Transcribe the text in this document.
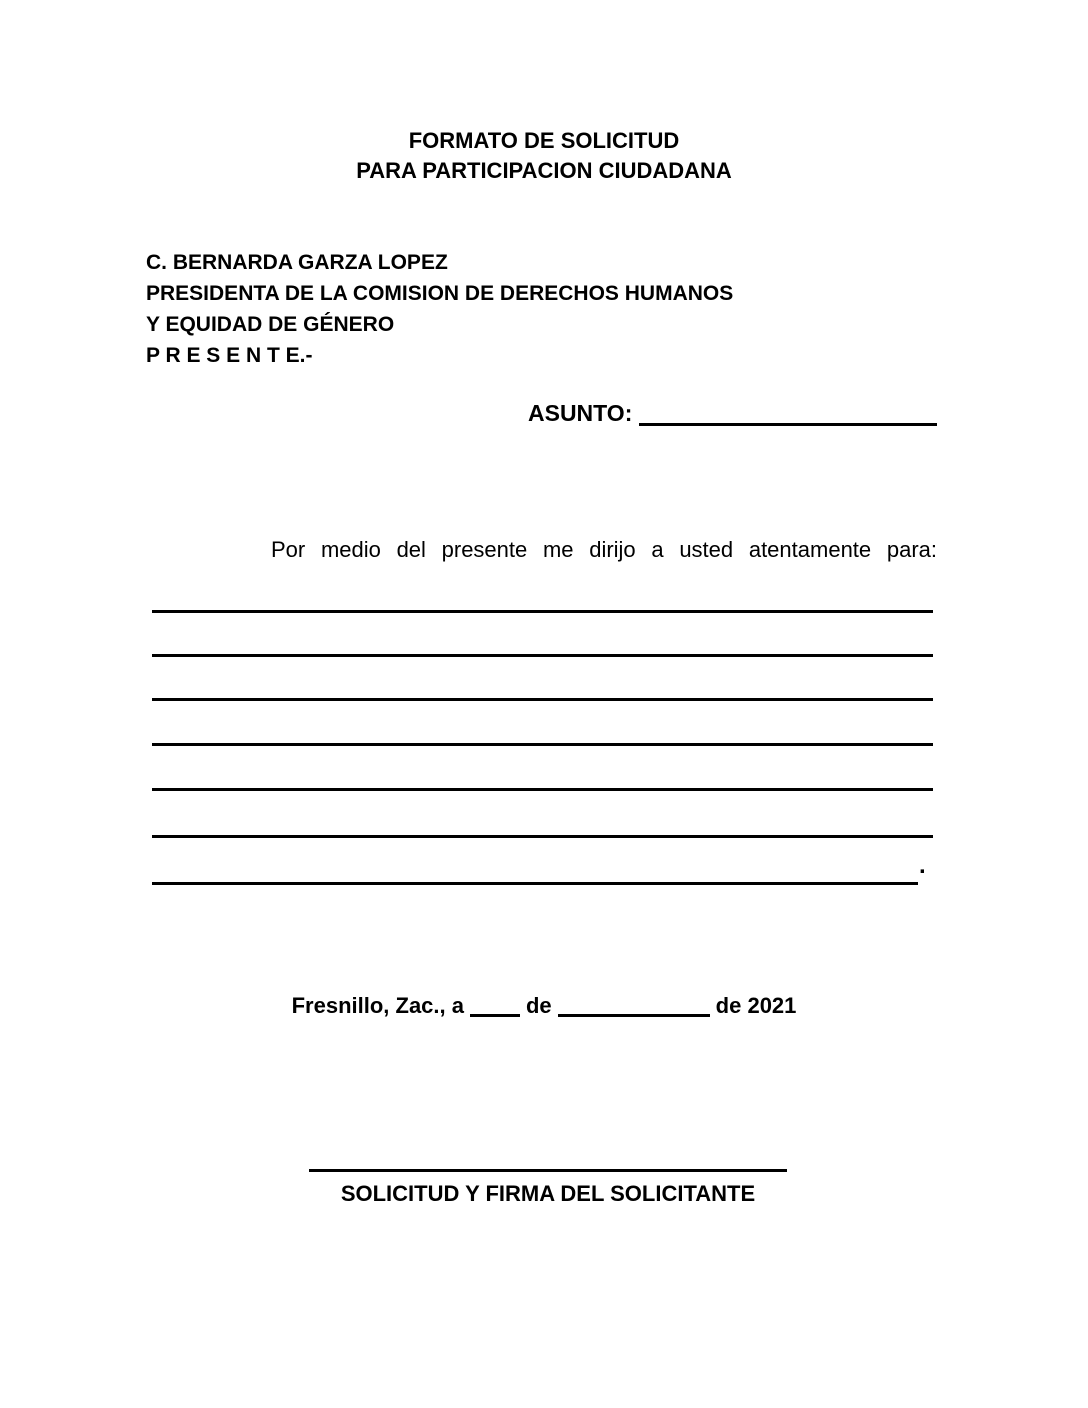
FORMATO DE SOLICITUD
PARA PARTICIPACION CIUDADANA
C. BERNARDA GARZA LOPEZ
PRESIDENTA DE LA COMISION DE DERECHOS HUMANOS
Y EQUIDAD DE GÉNERO
P R E S E N T E.-
ASUNTO:
Por medio del presente me dirijo a usted atentamente para:
.
Fresnillo, Zac., a	de	de 2021
SOLICITUD Y FIRMA DEL SOLICITANTE
